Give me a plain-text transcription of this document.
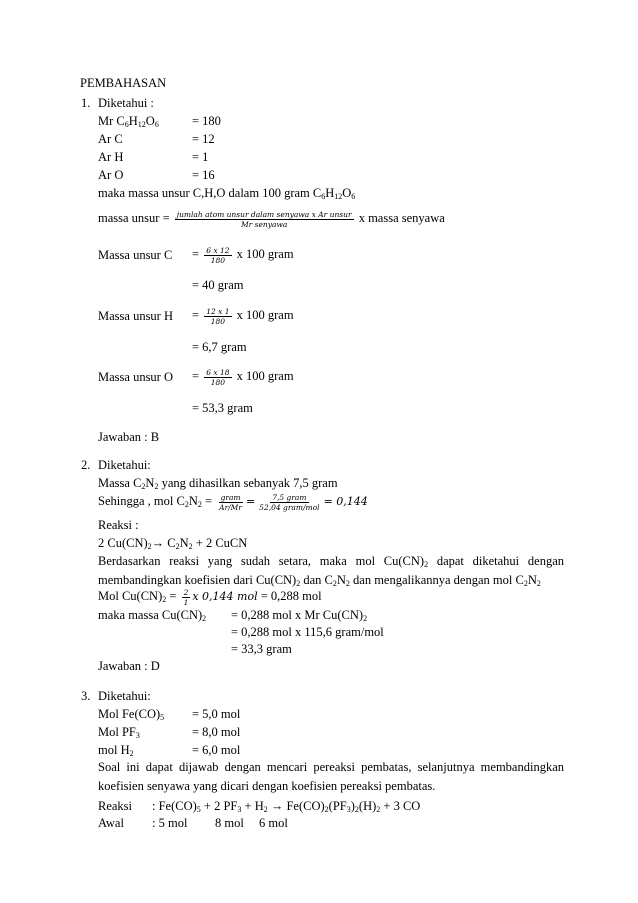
PEMBAHASAN
1. Diketahui :
Mr $C_6H_{12}O_6$	= 180
Ar C	= 12
Ar H	= 1
Ar O	= 16
maka massa unsur C,H,O dalam 100 gram $C_6H_{12}O_6$
massa unsur = $\frac{\text{jumlah atom unsur dalam senyawa x Ar unsur}}{\text{Mr senyawa}}$ x massa senyawa
Massa unsur $C = \frac{6 x 12}{180}$ x 100 gram
= 40 gram
Massa unsur $H = \frac{12 x 1}{180}$ x 100 gram
= 6,7 gram
Massa unsur $O = \frac{6 x 18}{180}$ x 100 gram
= 53,3 gram
Jawaban : B
2. Diketahui:
Massa $C_2N_2$ yang dihasilkan sebanyak 7,5 gram
Sehingga , mol $C_2N_2 = \frac{\text{gram}}{Ar/Mr} = \frac{\text{7,5 gram}}{\text{52,04 gram/mol}} = 0,144$
Reaksi :
2 $Cu(CN)_2\to C_2N_2 + 2$ CuCN
Berdasarkan reaksi yang sudah setara, maka mol $Cu(CN)_2$ dapat diketahui dengan membandingkan koefisien dari $Cu(CN)_2$ dan $C_2N_2$ dan mengalikannya dengan mol $C_2N_2$
Mol $Cu(CN)_2 = \frac{2}{1}$ x 0,144 mol = 0,288 mol
maka massa $Cu(CN)_2 = 0,288$ mol x Mr $Cu(CN)_2$
= 0,288 mol x 115,6 gram/mol
= 33,3 gram
Jawaban : D
3. Diketahui:
Mol $Fe(CO)_5 = 5,0$ mol
Mol $PF_3$	= 8,0 mol
mol $H_2$	= 6,0 mol
Soal ini dapat dijawab dengan mencari pereaksi pembatas, selanjutnya membandingkan koefisien senyawa yang dicari dengan koefisien pereaksi pembatas.
Reaksi : $Fe(CO)_5 + 2$ $PF_3 + H_2 \to Fe(CO)_2(PF_3)_2(H)_2 + 3$ CO
Awal : 5 mol 8 mol 6 mol
